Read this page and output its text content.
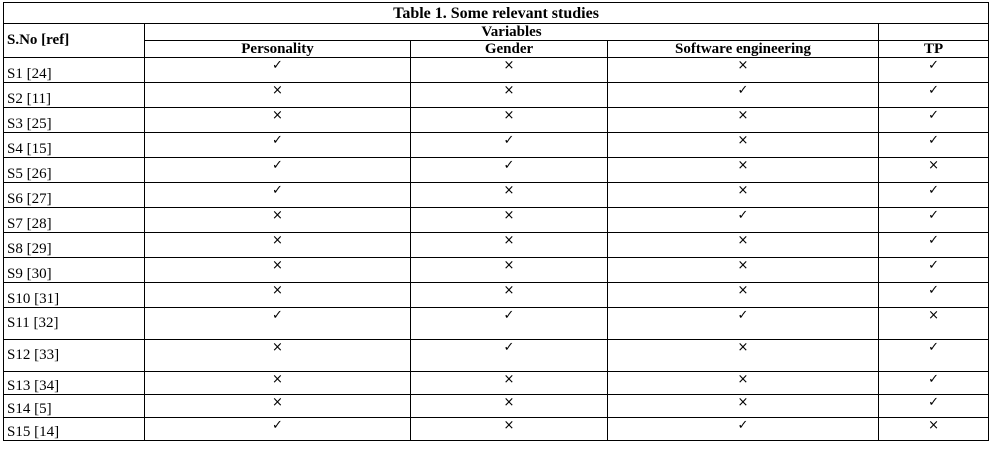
Table 1. Some relevant studies				
S.No [ref]	Variables			
	Personality	Gender	Software engineering	TP
S1 [24]	✓	×	×	✓
S2 [11]	×	×	✓	✓
S3 [25]	×	×	×	✓
S4 [15]	✓	✓	×	✓
S5 [26]	✓	✓	×	×
S6 [27]	✓	×	×	✓
S7 [28]	×	×	✓	✓
S8 [29]	×	×	×	✓
S9 [30]	×	×	×	✓
S10 [31]	×	×	×	✓
S11 [32]	✓	✓	✓	×
S12 [33]	×	✓	×	✓
S13 [34]	×	×	×	✓
S14 [5]	×	×	×	✓
S15 [14]	✓	×	✓	×
